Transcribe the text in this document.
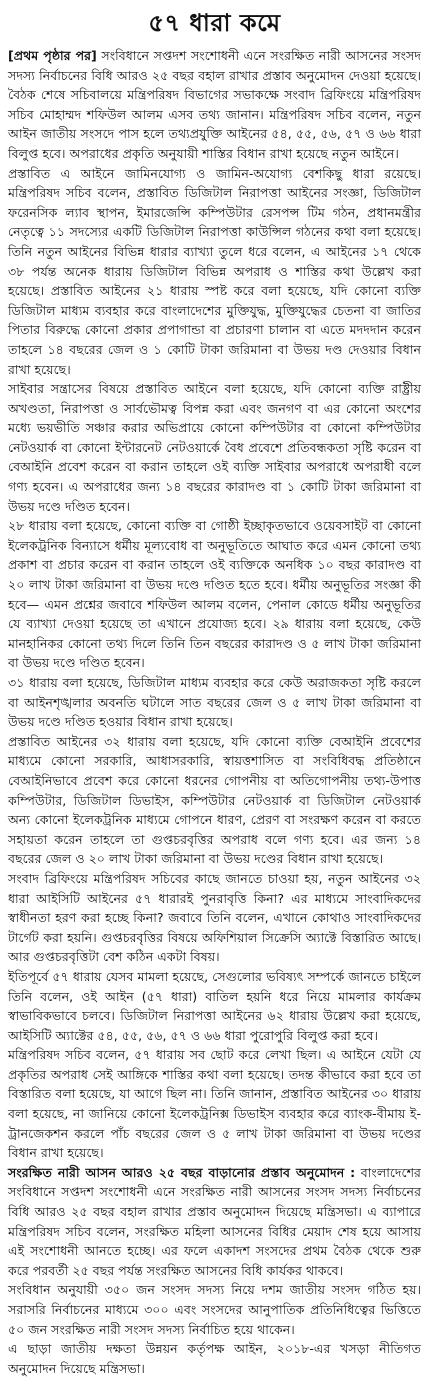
৫৭ ধারা কমে

[প্রথম পৃষ্ঠার পর] সংবিধানে সপ্তদশ সংশোধনী এনে সংরক্ষিত নারী আসনের সংসদ সদস্য নির্বাচনের বিধি আরও ২৫ বছর বহাল রাখার প্রস্তাব অনুমোদন দেওয়া হয়েছে। বৈঠক শেষে সচিবালয়ে মন্ত্রিপরিষদ বিভাগের সভাকক্ষে সংবাদ ব্রিফিংয়ে মন্ত্রিপরিষদ সচিব মোহাম্মদ শফিউল আলম এসব তথ্য জানান। মন্ত্রিপরিষদ সচিব বলেন, নতুন আইন জাতীয় সংসদে পাস হলে তথ্যপ্রযুক্তি আইনের ৫৪, ৫৫, ৫৬, ৫৭ ও ৬৬ ধারা বিলুপ্ত হবে। অপরাধের প্রকৃতি অনুযায়ী শাস্তির বিধান রাখা হয়েছে নতুন আইনে।

প্রস্তাবিত এ আইনে জামিনযোগ্য ও জামিন-অযোগ্য বেশকিছু ধারা রয়েছে। মন্ত্রিপরিষদ সচিব বলেন, প্রস্তাবিত ডিজিটাল নিরাপত্তা আইনের সংজ্ঞা, ডিজিটাল ফরেনসিক ল্যাব স্থাপন, ইমারজেন্সি কম্পিউটার রেসপন্স টিম গঠন, প্রধানমন্ত্রীর নেতৃত্বে ১১ সদস্যের একটি ডিজিটাল নিরাপত্তা কাউন্সিল গঠনের কথা বলা হয়েছে। তিনি নতুন আইনের বিভিন্ন ধারার ব্যাখ্যা তুলে ধরে বলেন, এ আইনের ১৭ থেকে ৩৮ পর্যন্ত অনেক ধারায় ডিজিটাল বিভিন্ন অপরাধ ও শাস্তির কথা উল্লেখ করা হয়েছে। প্রস্তাবিত আইনের ২১ ধারায় স্পষ্ট করে বলা হয়েছে, যদি কোনো ব্যক্তি ডিজিটাল মাধ্যম ব্যবহার করে বাংলাদেশের মুক্তিযুদ্ধ, মুক্তিযুদ্ধের চেতনা বা জাতির পিতার বিরুদ্ধে কোনো প্রকার প্রপাগান্ডা বা প্রচারণা চালান বা এতে মদদদান করেন তাহলে ১৪ বছরের জেল ও ১ কোটি টাকা জরিমানা বা উভয় দণ্ড দেওয়ার বিধান রাখা হয়েছে।

সাইবার সন্ত্রাসের বিষয়ে প্রস্তাবিত আইনে বলা হয়েছে, যদি কোনো ব্যক্তি রাষ্ট্রীয় অখণ্ডতা, নিরাপত্তা ও সার্বভৌমত্ব বিপন্ন করা এবং জনগণ বা এর কোনো অংশের মধ্যে ভয়ভীতি সঞ্চার করার অভিপ্রায়ে কোনো কম্পিউটার বা কোনো কম্পিউটার নেটওয়ার্ক বা কোনো ইন্টারনেট নেটওয়ার্কে বৈধ প্রবেশে প্রতিবন্ধকতা সৃষ্টি করেন বা বেআইনি প্রবেশ করেন বা করান তাহলে ওই ব্যক্তি সাইবার অপরাধে অপরাধী বলে গণ্য হবেন। এ অপরাধের জন্য ১৪ বছরের কারাদণ্ড বা ১ কোটি টাকা জরিমানা বা উভয় দণ্ডে দণ্ডিত হবেন।

২৮ ধারায় বলা হয়েছে, কোনো ব্যক্তি বা গোষ্ঠী ইচ্ছাকৃতভাবে ওয়েবসাইট বা কোনো ইলেকট্রনিক বিন্যাসে ধর্মীয় মূল্যবোধ বা অনুভূতিতে আঘাত করে এমন কোনো তথ্য প্রকাশ বা প্রচার করেন বা করান তাহলে ওই ব্যক্তিকে অনধিক ১০ বছর কারাদণ্ড বা ২০ লাখ টাকা জরিমানা বা উভয় দণ্ডে দণ্ডিত হতে হবে। ধর্মীয় অনুভূতির সংজ্ঞা কী হবে— এমন প্রশ্নের জবাবে শফিউল আলম বলেন, পেনাল কোডে ধর্মীয় অনুভূতির যে ব্যাখ্যা দেওয়া হয়েছে তা এখানে প্রযোজ্য হবে। ২৯ ধারায় বলা হয়েছে, কেউ মানহানিকর কোনো তথ্য দিলে তিনি তিন বছরের কারাদণ্ড ও ৫ লাখ টাকা জরিমানা বা উভয় দণ্ডে দণ্ডিত হবেন।

৩১ ধারায় বলা হয়েছে, ডিজিটাল মাধ্যম ব্যবহার করে কেউ অরাজকতা সৃষ্টি করলে বা আইনশৃঙ্খলার অবনতি ঘটালে সাত বছরের জেল ও ৫ লাখ টাকা জরিমানা বা উভয় দণ্ডে দণ্ডিত হওয়ার বিধান রাখা হয়েছে।

প্রস্তাবিত আইনের ৩২ ধারায় বলা হয়েছে, যদি কোনো ব্যক্তি বেআইনি প্রবেশের মাধ্যমে কোনো সরকারি, আধাসরকারি, স্বায়ত্তশাসিত বা সংবিধিবদ্ধ প্রতিষ্ঠানে বেআইনিভাবে প্রবেশ করে কোনো ধরনের গোপনীয় বা অতিগোপনীয় তথ্য-উপাত্ত কম্পিউটার, ডিজিটাল ডিভাইস, কম্পিউটার নেটওয়ার্ক বা ডিজিটাল নেটওয়ার্ক অন্য কোনো ইলেকট্রনিক মাধ্যমে গোপনে ধারণ, প্রেরণ বা সংরক্ষণ করেন বা করতে সহায়তা করেন তাহলে তা গুপ্তচরবৃত্তির অপরাধ বলে গণ্য হবে। এর জন্য ১৪ বছরের জেল ও ২০ লাখ টাকা জরিমানা বা উভয় দণ্ডের বিধান রাখা হয়েছে।

সংবাদ ব্রিফিংয়ে মন্ত্রিপরিষদ সচিবের কাছে জানতে চাওয়া হয়, নতুন আইনের ৩২ ধারা আইসিটি আইনের ৫৭ ধারারই পুনরাবৃত্তি কিনা? এর মাধ্যমে সাংবাদিকদের স্বাধীনতা হরণ করা হচ্ছে কিনা? জবাবে তিনি বলেন, এখানে কোথাও সাংবাদিকদের টার্গেট করা হয়নি। গুপ্তচরবৃত্তির বিষয়ে অফিশিয়াল সিক্রেসি অ্যাক্টে বিস্তারিত আছে। আর গুপ্তচরবৃত্তিটা বেশ কঠিন একটা বিষয়।

ইতিপূর্বে ৫৭ ধারায় যেসব মামলা হয়েছে, সেগুলোর ভবিষ্যৎ সম্পর্কে জানতে চাইলে তিনি বলেন, ওই আইন (৫৭ ধারা) বাতিল হয়নি ধরে নিয়ে মামলার কার্যক্রম স্বাভাবিকভাবে চলবে। ডিজিটাল নিরাপত্তা আইনের ৬২ ধারায় উল্লেখ করা হয়েছে, আইসিটি অ্যাক্টের ৫৪, ৫৫, ৫৬, ৫৭ ও ৬৬ ধারা পুরোপুরি বিলুপ্ত করা হবে।

মন্ত্রিপরিষদ সচিব বলেন, ৫৭ ধারায় সব ছোট করে লেখা ছিল। এ আইনে যেটা যে প্রকৃতির অপরাধ সেই আঙ্গিকে শাস্তির কথা বলা হয়েছে। তদন্ত কীভাবে করা হবে তা বিস্তারিত বলা হয়েছে, যা আগে ছিল না। তিনি জানান, প্রস্তাবিত আইনের ৩০ ধারায় বলা হয়েছে, না জানিয়ে কোনো ইলেকট্রনিক্স ডিভাইস ব্যবহার করে ব্যাংক-বীমায় ই-ট্রানজেকশন করলে পাঁচ বছরের জেল ও ৫ লাখ টাকা জরিমানা বা উভয় দণ্ডের বিধান রাখা হয়েছে।

সংরক্ষিত নারী আসন আরও ২৫ বছর বাড়ানোর প্রস্তাব অনুমোদন : বাংলাদেশের সংবিধানে সপ্তদশ সংশোধনী এনে সংরক্ষিত নারী আসনের সংসদ সদস্য নির্বাচনের বিধি আরও ২৫ বছর বহাল রাখার প্রস্তাব অনুমোদন দিয়েছে মন্ত্রিসভা। এ ব্যাপারে মন্ত্রিপরিষদ সচিব বলেন, সংরক্ষিত মহিলা আসনের বিধির মেয়াদ শেষ হয়ে আসায় এই সংশোধনী আনতে হচ্ছে। এর ফলে একাদশ সংসদের প্রথম বৈঠক থেকে শুরু করে পরবর্তী ২৫ বছর পর্যন্ত সংরক্ষিত আসনের বিধি কার্যকর থাকবে।

সংবিধান অনুযায়ী ৩৫০ জন সংসদ সদস্য নিয়ে দশম জাতীয় সংসদ গঠিত হয়। সরাসরি নির্বাচনের মাধ্যমে ৩০০ এবং সংসদের আনুপাতিক প্রতিনিধিত্বের ভিত্তিতে ৫০ জন সংরক্ষিত নারী সংসদ সদস্য নির্বাচিত হয়ে থাকেন।

এ ছাড়া জাতীয় দক্ষতা উন্নয়ন কর্তৃপক্ষ আইন, ২০১৮-এর খসড়া নীতিগত অনুমোদন দিয়েছে মন্ত্রিসভা।
